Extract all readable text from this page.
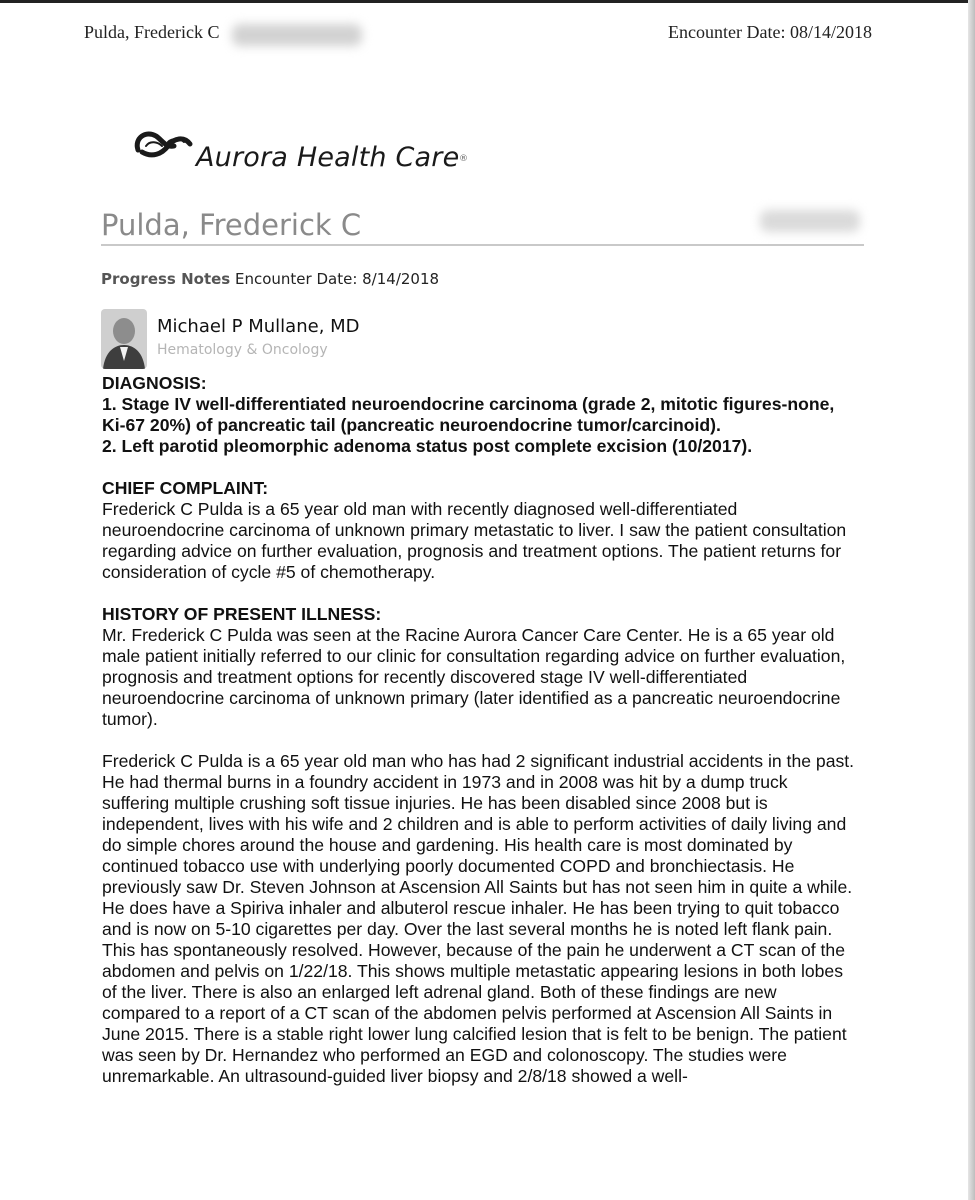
Pulda, Frederick C	Encounter Date: 08/14/2018
Aurora Health Care ®
Pulda, Frederick C
Progress Notes Encounter Date: 8/14/2018
Michael P Mullane, MD
Hematology & Oncology

DIAGNOSIS:

1. Stage IV well-differentiated neuroendocrine carcinoma (grade 2, mitotic figures-none, Ki-67 20%) of pancreatic tail (pancreatic neuroendocrine tumor/carcinoid).

2. Left parotid pleomorphic adenoma status post complete excision (10/2017).

CHIEF COMPLAINT:

Frederick C Pulda is a 65 year old man with recently diagnosed well-differentiated neuroendocrine carcinoma of unknown primary metastatic to liver. I saw the patient consultation regarding advice on further evaluation, prognosis and treatment options. The patient returns for consideration of cycle #5 of chemotherapy.

HISTORY OF PRESENT ILLNESS:

Mr. Frederick C Pulda was seen at the Racine Aurora Cancer Care Center. He is a 65 year old male patient initially referred to our clinic for consultation regarding advice on further evaluation, prognosis and treatment options for recently discovered stage IV well-differentiated neuroendocrine carcinoma of unknown primary (later identified as a pancreatic neuroendocrine tumor).

Frederick C Pulda is a 65 year old man who has had 2 significant industrial accidents in the past. He had thermal burns in a foundry accident in 1973 and in 2008 was hit by a dump truck suffering multiple crushing soft tissue injuries. He has been disabled since 2008 but is independent, lives with his wife and 2 children and is able to perform activities of daily living and do simple chores around the house and gardening. His health care is most dominated by continued tobacco use with underlying poorly documented COPD and bronchiectasis. He previously saw Dr. Steven Johnson at Ascension All Saints but has not seen him in quite a while. He does have a Spiriva inhaler and albuterol rescue inhaler. He has been trying to quit tobacco and is now on 5-10 cigarettes per day. Over the last several months he is noted left flank pain. This has spontaneously resolved. However, because of the pain he underwent a CT scan of the abdomen and pelvis on 1/22/18. This shows multiple metastatic appearing lesions in both lobes of the liver. There is also an enlarged left adrenal gland. Both of these findings are new compared to a report of a CT scan of the abdomen pelvis performed at Ascension All Saints in June 2015. There is a stable right lower lung calcified lesion that is felt to be benign. The patient was seen by Dr. Hernandez who performed an EGD and colonoscopy. The studies were unremarkable. An ultrasound-guided liver biopsy and 2/8/18 showed a well-
